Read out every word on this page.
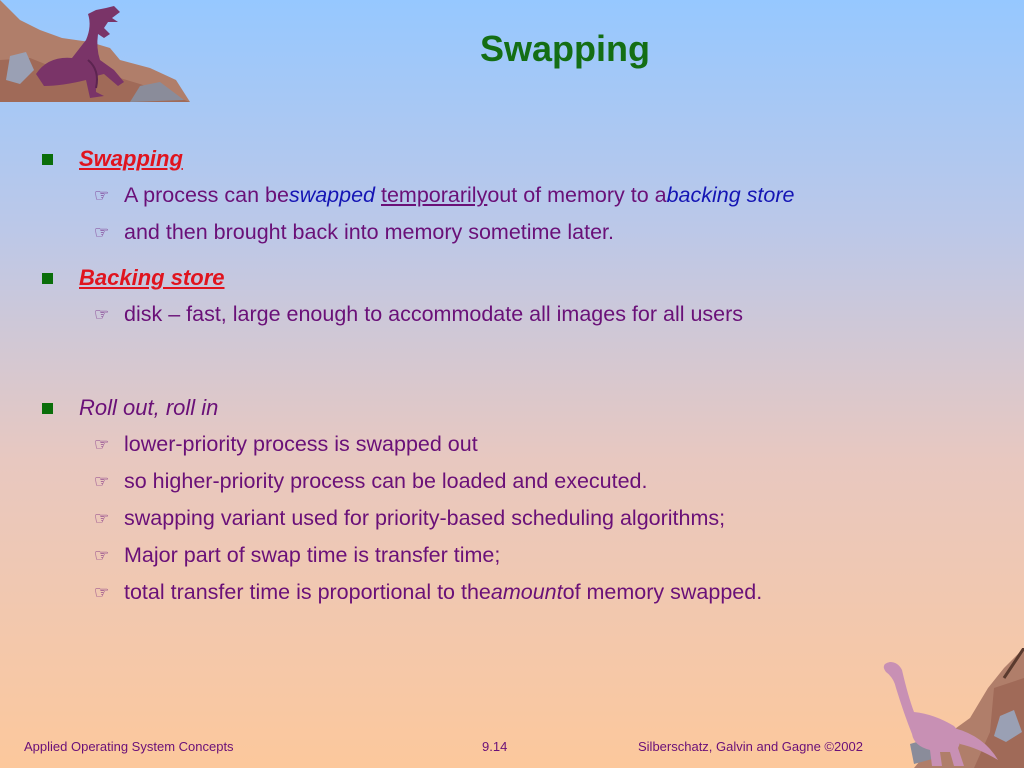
Swapping
Swapping
☞ A process can be swapped
temporarily out of memory to a backing store
☞ and then brought back into memory sometime later.
Backing store
☞ disk – fast, large enough to accommodate all images for all users
Roll out, roll in
☞ lower-priority process is swapped out
☞ so higher-priority process can be loaded and executed.
☞ swapping variant used for priority-based scheduling algorithms;
☞ Major part of swap time is transfer time;
☞ total transfer time is proportional to the amount of memory swapped.
Applied Operating System Concepts	9.14	Silberschatz, Galvin and Gagne ©2002
